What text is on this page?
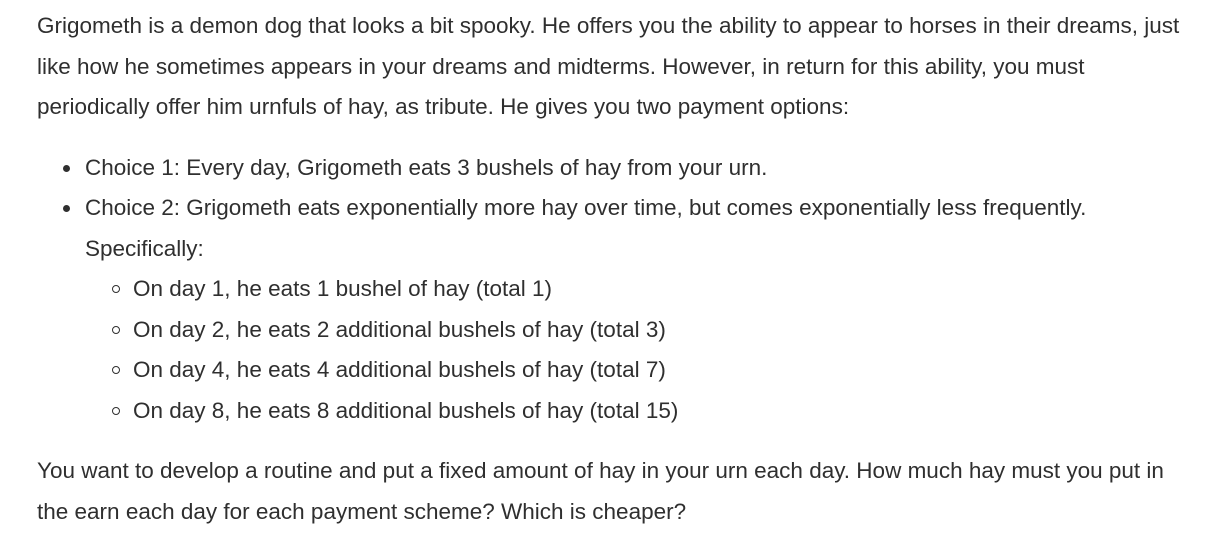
Grigometh is a demon dog that looks a bit spooky. He offers you the ability to appear to horses in their dreams, just like how he sometimes appears in your dreams and midterms. However, in return for this ability, you must periodically offer him urnfuls of hay, as tribute. He gives you two payment options:

Choice 1: Every day, Grigometh eats 3 bushels of hay from your urn.
Choice 2: Grigometh eats exponentially more hay over time, but comes exponentially less frequently. Specifically:
On day 1, he eats 1 bushel of hay (total 1)
On day 2, he eats 2 additional bushels of hay (total 3)
On day 4, he eats 4 additional bushels of hay (total 7)
On day 8, he eats 8 additional bushels of hay (total 15)

You want to develop a routine and put a fixed amount of hay in your urn each day. How much hay must you put in the earn each day for each payment scheme? Which is cheaper?
